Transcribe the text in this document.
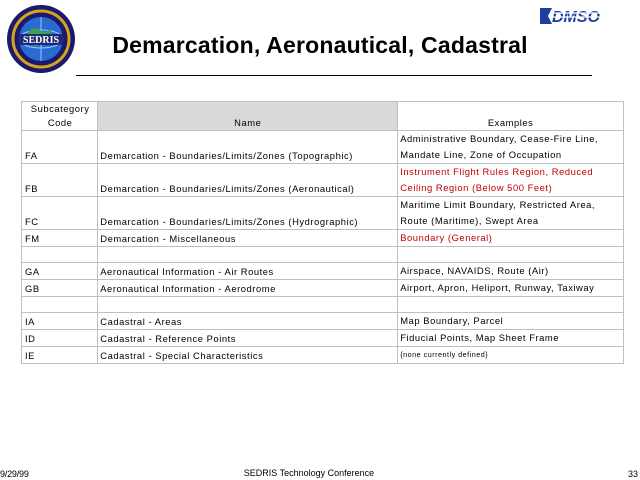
SEDRIS
DMSO
Demarcation, Aeronautical, Cadastral
Subcategory
Code	Name	Examples
FA	Demarcation - Boundaries/Limits/Zones (Topographic)	Administrative Boundary, Cease-Fire Line,
Mandate Line, Zone of Occupation

FB	Demarcation - Boundaries/Limits/Zones (Aeronautical)	Instrument Flight Rules Region, Reduced
Ceiling Region (Below 500 Feet)

FC	Demarcation - Boundaries/Limits/Zones (Hydrographic)	Maritime Limit Boundary, Restricted Area,
Route (Maritime), Swept Area

FM	Demarcation - Miscellaneous	Boundary (General)

GA	Aeronautical Information - Air Routes	Airspace, NAVAIDS, Route (Air)

GB	Aeronautical Information - Aerodrome	Airport, Apron, Heliport, Runway, Taxiway

IA	Cadastral - Areas	Map Boundary, Parcel

ID	Cadastral - Reference Points	Fiducial Points, Map Sheet Frame

IE	Cadastral - Special Characteristics	{none currently defined}
9/29/99	SEDRIS Technology Conference	33
